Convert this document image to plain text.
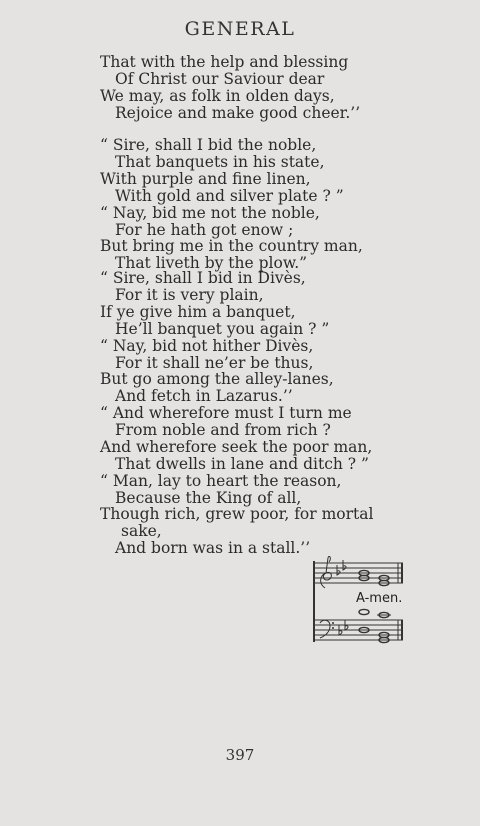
GENERAL
That with the help and blessing
Of Christ our Saviour dear
We may, as folk in olden days,
Rejoice and make good cheer.’’
“ Sire, shall I bid the noble,
That banquets in his state,
With purple and fine linen,
With gold and silver plate ? ”
“ Nay, bid me not the noble,
For he hath got enow ;
But bring me in the country man,
That liveth by the plow.”
“ Sire, shall I bid in Divès,
For it is very plain,
If ye give him a banquet,
He’ll banquet you again ? ”
“ Nay, bid not hither Divès,
For it shall ne’er be thus,
But go among the alley-lanes,
And fetch in Lazarus.’’
“ And wherefore must I turn me
From noble and from rich ?
And wherefore seek the poor man,
That dwells in lane and ditch ? ”
“ Man, lay to heart the reason,
Because the King of all,
Though rich, grew poor, for mortal
sake,
And born was in a stall.’’
A-men.
397
